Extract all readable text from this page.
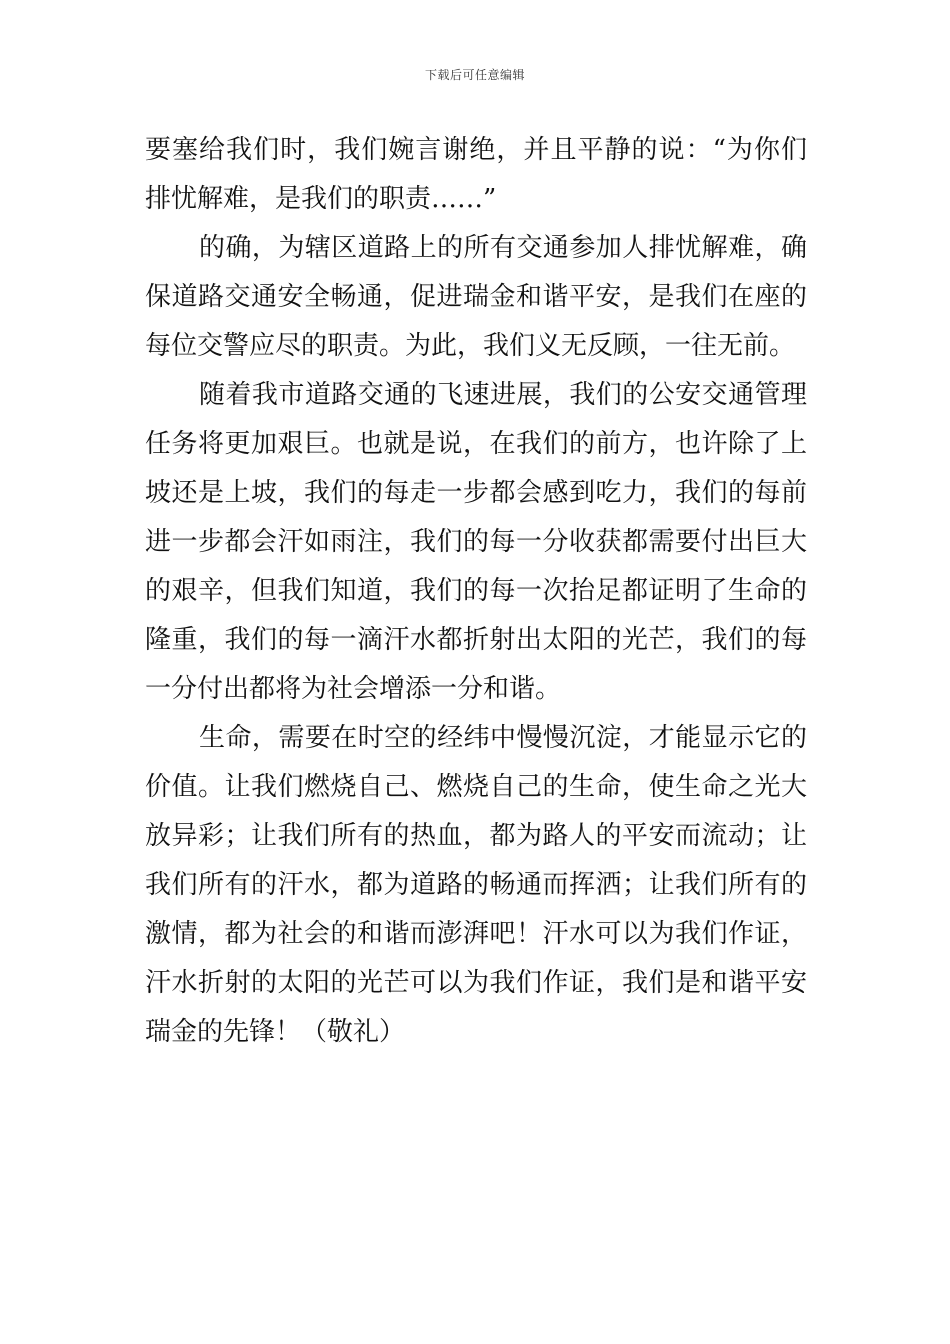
下载后可任意编辑
要塞给我们时，我们婉言谢绝，并且平静的说：“为你们
排忧解难，是我们的职责……”
的确，为辖区道路上的所有交通参加人排忧解难，确
保道路交通安全畅通，促进瑞金和谐平安，是我们在座的
每位交警应尽的职责。为此，我们义无反顾，一往无前。
随着我市道路交通的飞速进展，我们的公安交通管理
任务将更加艰巨。也就是说，在我们的前方，也许除了上
坡还是上坡，我们的每走一步都会感到吃力，我们的每前
进一步都会汗如雨注，我们的每一分收获都需要付出巨大
的艰辛，但我们知道，我们的每一次抬足都证明了生命的
隆重，我们的每一滴汗水都折射出太阳的光芒，我们的每
一分付出都将为社会增添一分和谐。
生命，需要在时空的经纬中慢慢沉淀，才能显示它的
价值。让我们燃烧自己、燃烧自己的生命，使生命之光大
放异彩；让我们所有的热血，都为路人的平安而流动；让
我们所有的汗水，都为道路的畅通而挥洒；让我们所有的
激情，都为社会的和谐而澎湃吧！汗水可以为我们作证，
汗水折射的太阳的光芒可以为我们作证，我们是和谐平安
瑞金的先锋！（敬礼）
